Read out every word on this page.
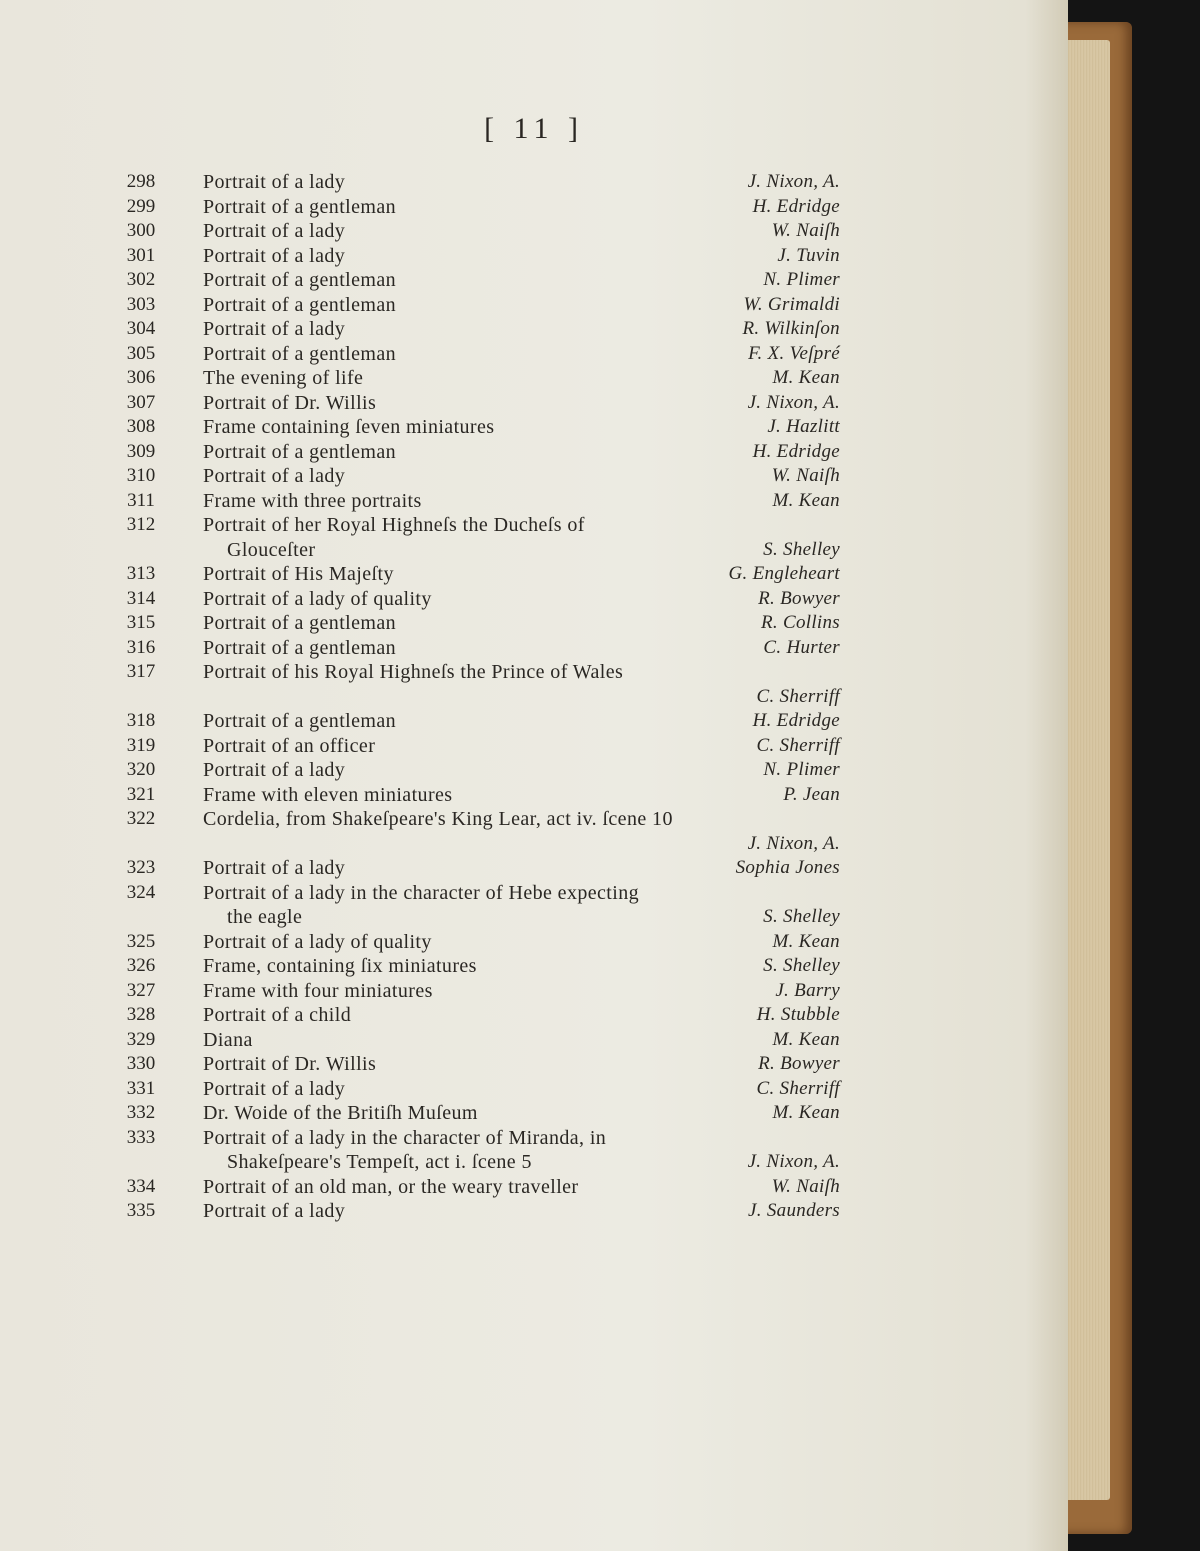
[ 11 ]
298	Portrait of a lady	J. Nixon, A.
299	Portrait of a gentleman	H. Edridge
300	Portrait of a lady	W. Naiſh
301	Portrait of a lady	J. Tuvin
302	Portrait of a gentleman	N. Plimer
303	Portrait of a gentleman	W. Grimaldi
304	Portrait of a lady	R. Wilkinſon
305	Portrait of a gentleman	F. X. Veſpré
306	The evening of life	M. Kean
307	Portrait of Dr. Willis	J. Nixon, A.
308	Frame containing ſeven miniatures	J. Hazlitt
309	Portrait of a gentleman	H. Edridge
310	Portrait of a lady	W. Naiſh
311	Frame with three portraits	M. Kean
312	Portrait of her Royal Highneſs the Ducheſs of
Glouceſter	S. Shelley
313	Portrait of His Majeſty	G. Engleheart
314	Portrait of a lady of quality	R. Bowyer
315	Portrait of a gentleman	R. Collins
316	Portrait of a gentleman	C. Hurter
317	Portrait of his Royal Highneſs the Prince of Wales
C. Sherriff
318	Portrait of a gentleman	H. Edridge
319	Portrait of an officer	C. Sherriff
320	Portrait of a lady	N. Plimer
321	Frame with eleven miniatures	P. Jean
322	Cordelia, from Shakeſpeare's King Lear, act iv. ſcene 10
J. Nixon, A.
323	Portrait of a lady	Sophia Jones
324	Portrait of a lady in the character of Hebe expecting
the eagle	S. Shelley
325	Portrait of a lady of quality	M. Kean
326	Frame, containing ſix miniatures	S. Shelley
327	Frame with four miniatures	J. Barry
328	Portrait of a child	H. Stubble
329	Diana	M. Kean
330	Portrait of Dr. Willis	R. Bowyer
331	Portrait of a lady	C. Sherriff
332	Dr. Woide of the Britiſh Muſeum	M. Kean
333	Portrait of a lady in the character of Miranda, in
Shakeſpeare's Tempeſt, act i. ſcene 5	J. Nixon, A.
334	Portrait of an old man, or the weary traveller	W. Naiſh
335	Portrait of a lady	J. Saunders
